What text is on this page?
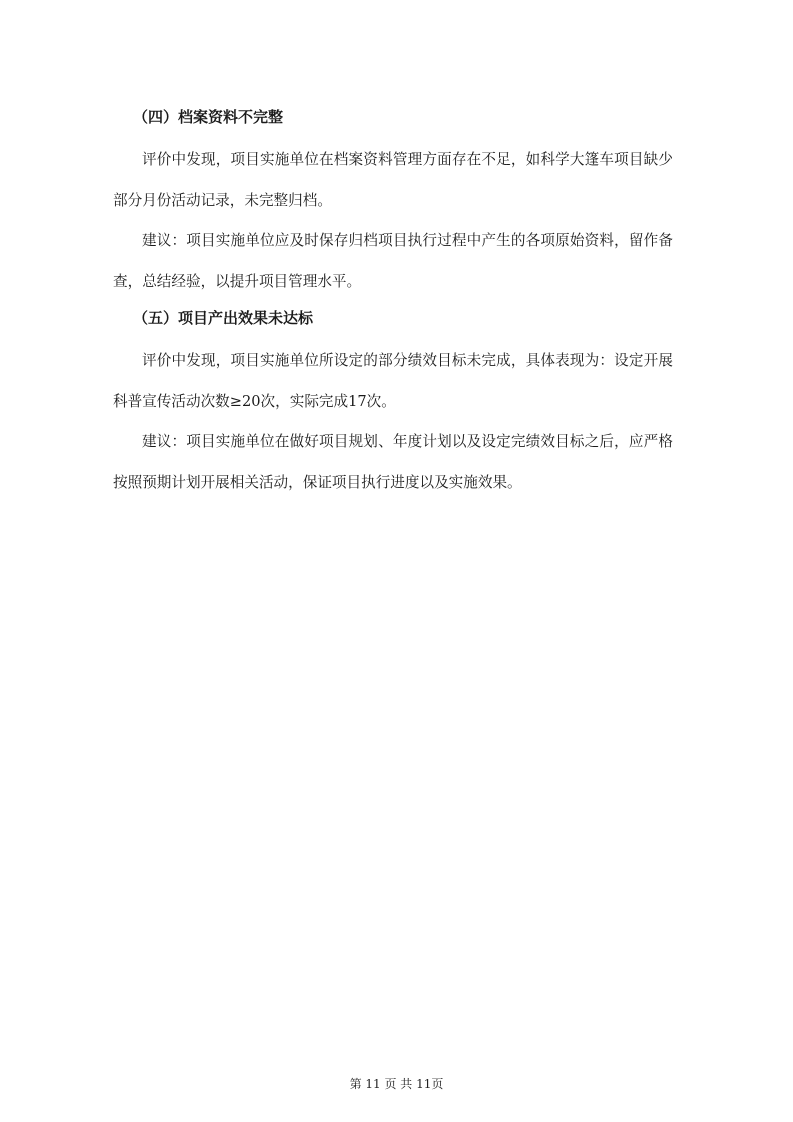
（四）档案资料不完整

评价中发现，项目实施单位在档案资料管理方面存在不足，如科学大篷车项目缺少部分月份活动记录，未完整归档。

建议：项目实施单位应及时保存归档项目执行过程中产生的各项原始资料，留作备查，总结经验，以提升项目管理水平。

（五）项目产出效果未达标

评价中发现，项目实施单位所设定的部分绩效目标未完成，具体表现为：设定开展科普宣传活动次数≥20次，实际完成17次。

建议：项目实施单位在做好项目规划、年度计划以及设定完绩效目标之后，应严格按照预期计划开展相关活动，保证项目执行进度以及实施效果。

第 11 页 共 11页
